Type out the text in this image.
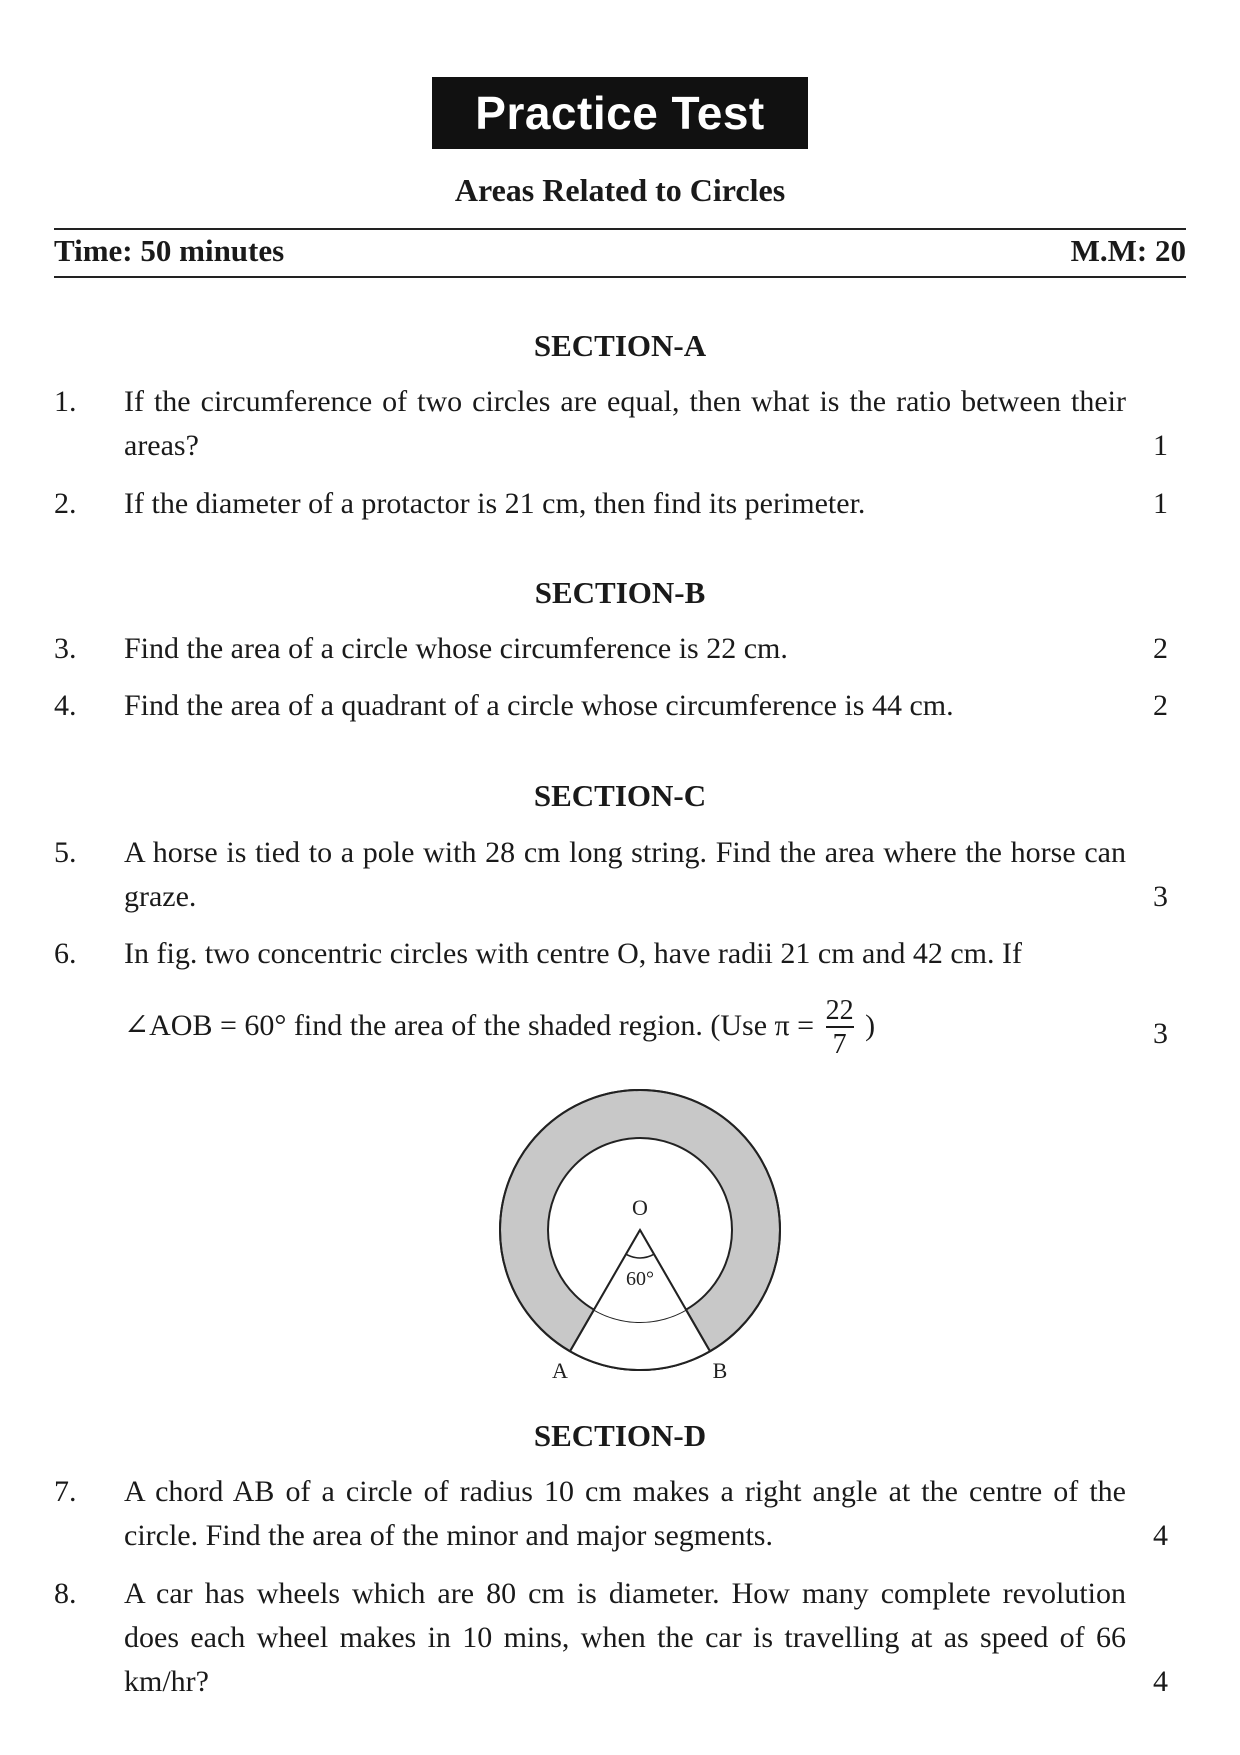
Practice Test
Areas Related to Circles
Time: 50 minutes	M.M: 20
SECTION-A
1.	If the circumference of two circles are equal, then what is the ratio between their areas?	1
2.	If the diameter of a protactor is 21 cm, then find its perimeter.	1
SECTION-B
3.	Find the area of a circle whose circumference is 22 cm.	2
4.	Find the area of a quadrant of a circle whose circumference is 44 cm.	2
SECTION-C
5.	A horse is tied to a pole with 28 cm long string. Find the area where the horse can graze.	3
6.	In fig. two concentric circles with centre O, have radii 21 cm and 42 cm. If
∠AOB = 60° find the area of the shaded region. (Use $\pi = \frac{22}{7}$ )	3
O
60°
A	B
SECTION-D
7.	A chord AB of a circle of radius 10 cm makes a right angle at the centre of the circle. Find the area of the minor and major segments.	4
8.	A car has wheels which are 80 cm is diameter. How many complete revolution does each wheel makes in 10 mins, when the car is travelling at as speed of 66 km/hr?	4
